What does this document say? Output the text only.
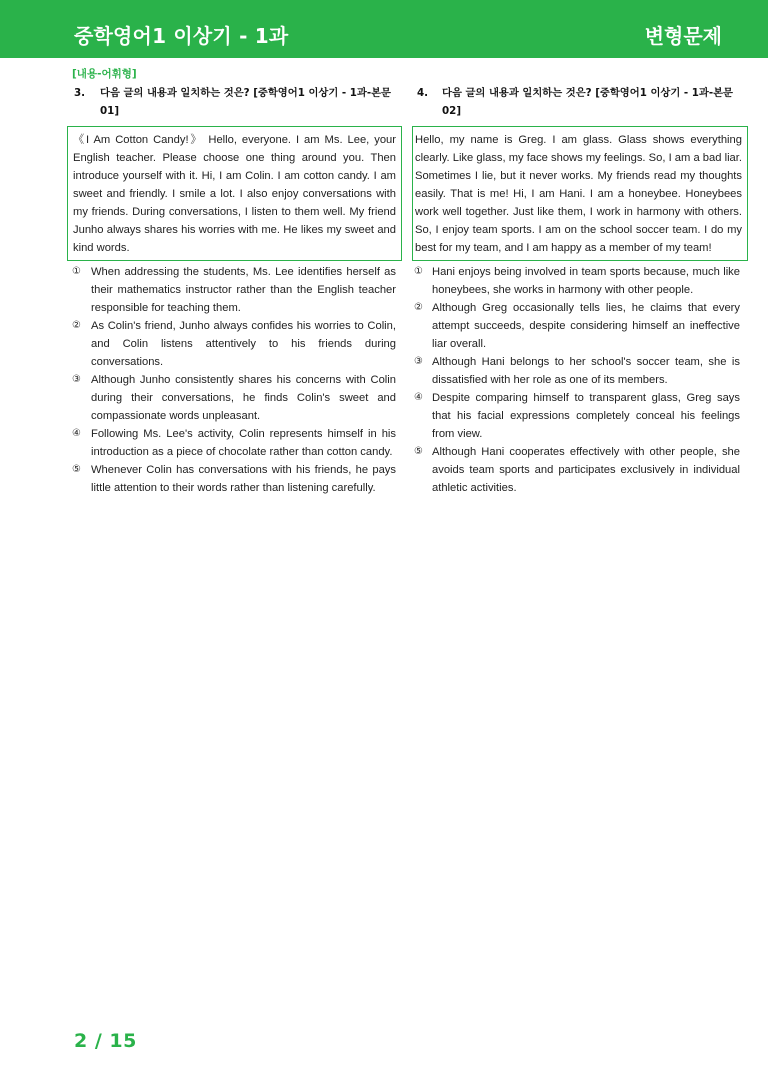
중학영어1 이상기 - 1과	변형문제
[내용-어휘형]
3. 다음 글의 내용과 일치하는 것은? [중학영어1 이상기 - 1과-본문 01]
《I Am Cotton Candy!》 Hello, everyone. I am Ms. Lee, your English teacher. Please choose one thing around you. Then introduce yourself with it. Hi, I am Colin. I am cotton candy. I am sweet and friendly. I smile a lot. I also enjoy conversations with my friends. During conversations, I listen to them well. My friend Junho always shares his worries with me. He likes my sweet and kind words.
① When addressing the students, Ms. Lee identifies herself as their mathematics instructor rather than the English teacher responsible for teaching them.
② As Colin's friend, Junho always confides his worries to Colin, and Colin listens attentively to his friends during conversations.
③ Although Junho consistently shares his concerns with Colin during their conversations, he finds Colin's sweet and compassionate words unpleasant.
④ Following Ms. Lee's activity, Colin represents himself in his introduction as a piece of chocolate rather than cotton candy.
⑤ Whenever Colin has conversations with his friends, he pays little attention to their words rather than listening carefully.
4. 다음 글의 내용과 일치하는 것은? [중학영어1 이상기 - 1과-본문 02]
Hello, my name is Greg. I am glass. Glass shows everything clearly. Like glass, my face shows my feelings. So, I am a bad liar. Sometimes I lie, but it never works. My friends read my thoughts easily. That is me! Hi, I am Hani. I am a honeybee. Honeybees work well together. Just like them, I work in harmony with others. So, I enjoy team sports. I am on the school soccer team. I do my best for my team, and I am happy as a member of my team!
① Hani enjoys being involved in team sports because, much like honeybees, she works in harmony with other people.
② Although Greg occasionally tells lies, he claims that every attempt succeeds, despite considering himself an ineffective liar overall.
③ Although Hani belongs to her school's soccer team, she is dissatisfied with her role as one of its members.
④ Despite comparing himself to transparent glass, Greg says that his facial expressions completely conceal his feelings from view.
⑤ Although Hani cooperates effectively with other people, she avoids team sports and participates exclusively in individual athletic activities.
2 / 15
